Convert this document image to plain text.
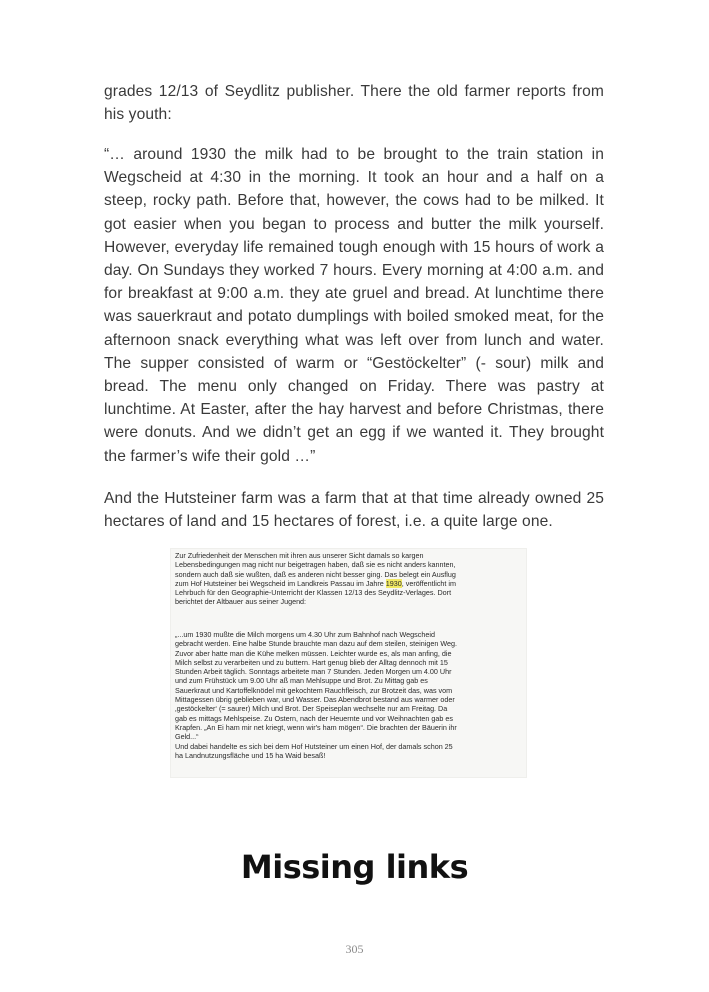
grades 12/13 of Seydlitz publisher. There the old farmer reports from his youth:

“… around 1930 the milk had to be brought to the train station in Wegscheid at 4:30 in the morning. It took an hour and a half on a steep, rocky path. Before that, however, the cows had to be milked. It got easier when you began to process and butter the milk yourself. However, everyday life remained tough enough with 15 hours of work a day. On Sundays they worked 7 hours. Every morning at 4:00 a.m. and for breakfast at 9:00 a.m. they ate gruel and bread. At lunchtime there was sauerkraut and potato dumplings with boiled smoked meat, for the afternoon snack everything what was left over from lunch and water. The supper consisted of warm or “Gestöckelter” (- sour) milk and bread. The menu only changed on Friday. There was pastry at lunchtime. At Easter, after the hay harvest and before Christmas, there were donuts. And we didn’t get an egg if we wanted it. They brought the farmer’s wife their gold …”

And the Hutsteiner farm was a farm that at that time already owned 25 hectares of land and 15 hectares of forest, i.e. a quite large one.

Zur Zufriedenheit der Menschen mit ihren aus unserer Sicht damals so kargen
Lebensbedingungen mag nicht nur beigetragen haben, daß sie es nicht anders kannten,
sondern auch daß sie wußten, daß es anderen nicht besser ging. Das belegt ein Ausflug
zum Hof Hutsteiner bei Wegscheid im Landkreis Passau im Jahre 1930, veröffentlicht im
Lehrbuch für den Geographie-Unterricht der Klassen 12/13 des Seydlitz-Verlages. Dort
berichtet der Altbauer aus seiner Jugend:

„...um 1930 mußte die Milch morgens um 4.30 Uhr zum Bahnhof nach Wegscheid
gebracht werden. Eine halbe Stunde brauchte man dazu auf dem steilen, steinigen Weg.
Zuvor aber hatte man die Kühe melken müssen. Leichter wurde es, als man anfing, die
Milch selbst zu verarbeiten und zu buttern. Hart genug blieb der Alltag dennoch mit 15
Stunden Arbeit täglich. Sonntags arbeitete man 7 Stunden. Jeden Morgen um 4.00 Uhr
und zum Frühstück um 9.00 Uhr aß man Mehlsuppe und Brot. Zu Mittag gab es
Sauerkraut und Kartoffelknödel mit gekochtem Rauchfleisch, zur Brotzeit das, was vom
Mittagessen übrig geblieben war, und Wasser. Das Abendbrot bestand aus warmer oder
‚gestöckelter‘ (= saurer) Milch und Brot. Der Speiseplan wechselte nur am Freitag. Da
gab es mittags Mehlspeise. Zu Ostern, nach der Heuernte und vor Weihnachten gab es
Krapfen. „An Ei ham mir net kriegt, wenn wir's ham mögen“. Die brachten der Bäuerin ihr
Geld...“
Und dabei handelte es sich bei dem Hof Hutsteiner um einen Hof, der damals schon 25
ha Landnutzungsfläche und 15 ha Waid besaß!

Missing links
305
